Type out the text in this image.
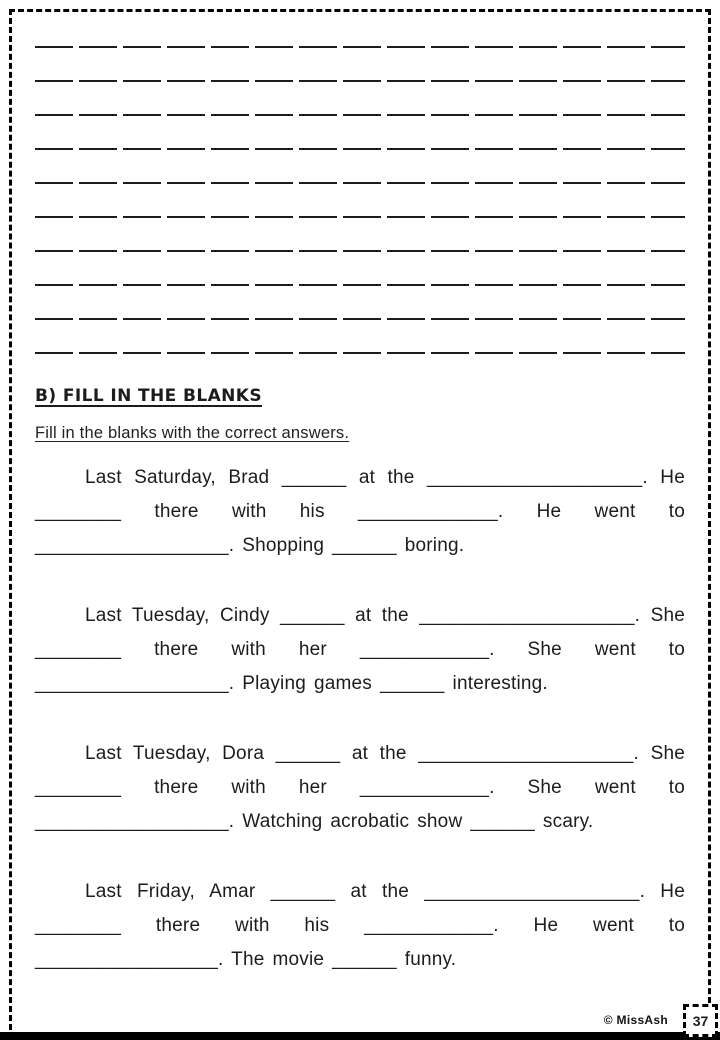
B) FILL IN THE BLANKS
Fill in the blanks with the correct answers.

Last Saturday, Brad ______ at the ____________________. He ________ there with his _____________. He went to __________________. Shopping ______ boring.

Last Tuesday, Cindy ______ at the ____________________. She ________ there with her ____________. She went to __________________. Playing games ______ interesting.

Last Tuesday, Dora ______ at the ____________________. She ________ there with her ____________. She went to __________________. Watching acrobatic show ______ scary.

Last Friday, Amar ______ at the ____________________. He ________ there with his ____________. He went to _________________. The movie ______ funny.

© MissAsh 37
